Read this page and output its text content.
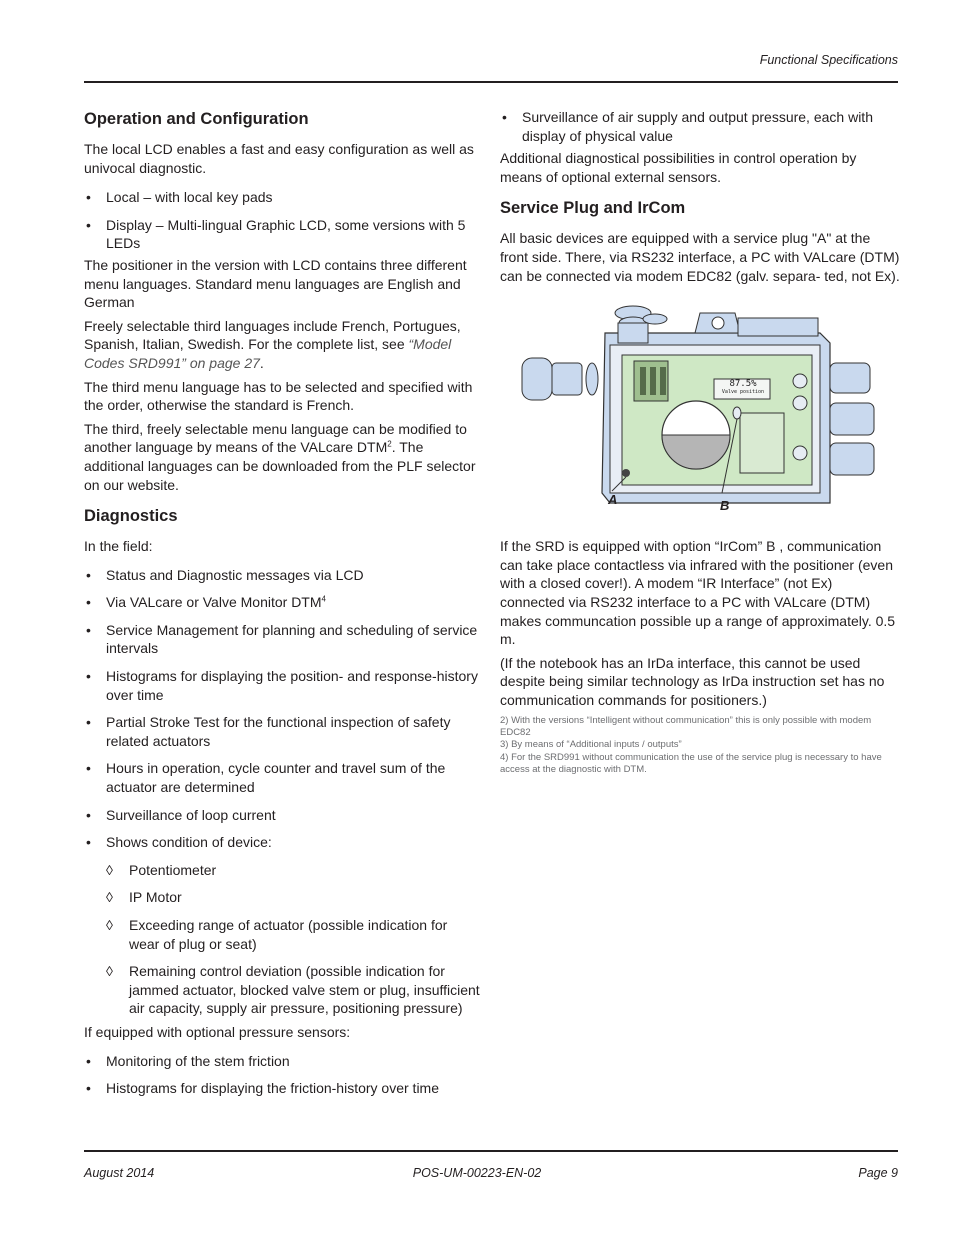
Functional Specifications
Operation and Configuration

The local LCD enables a fast and easy configuration as well as univocal diagnostic.

• Local – with local key pads
• Display – Multi-lingual Graphic LCD, some versions with 5 LEDs

The positioner in the version with LCD contains three different menu languages. Standard menu languages are English and German

Freely selectable third languages include French, Portugues, Spanish, Italian, Swedish. For the complete list, see “Model Codes SRD991” on page 27.

The third menu language has to be selected and specified with the order, otherwise the standard is French.

The third, freely selectable menu language can be modified to another language by means of the VALcare DTM$^2$. The additional languages can be downloaded from the PLF selector on our website.

Diagnostics

In the field:

• Status and Diagnostic messages via LCD
• Via VALcare or Valve Monitor DTM$^4$
• Service Management for planning and scheduling of service intervals
• Histograms for displaying the position- and response-history over time
• Partial Stroke Test for the functional inspection of safety related actuators
• Hours in operation, cycle counter and travel sum of the actuator are determined
• Surveillance of loop current
• Shows condition of device:
◊ Potentiometer
◊ IP Motor
◊ Exceeding range of actuator (possible indication for wear of plug or seat)
◊ Remaining control deviation (possible indication for jammed actuator, blocked valve stem or plug, insufficient air capacity, supply air pressure, positioning pressure)

If equipped with optional pressure sensors:

• Monitoring of the stem friction
• Histograms for displaying the friction-history over time
• Surveillance of air supply and output pressure, each with display of physical value

Additional diagnostical possibilities in control operation by means of optional external sensors.

Service Plug and IrCom

All basic devices are equipped with a service plug "A" at the front side. There, via RS232 interface, a PC with VALcare (DTM) can be connected via modem EDC82 (galv. separa- ted, not Ex).

87.5%
Valve position
A	B

If the SRD is equipped with option “IrCom” B , communication can take place contactless via infrared with the positioner (even with a closed cover!). A modem “IR Interface” (not Ex) connected via RS232 interface to a PC with VALcare (DTM) makes communcation possible up a range of approximately. 0.5 m.

(If the notebook has an IrDa interface, this cannot be used despite being similar technology as IrDa instruction set has no communication commands for positioners.)

2) With the versions “Intelligent without communication” this is only possible with modem EDC82
3) By means of “Additional inputs / outputs”
4) For the SRD991 without communication the use of the service plug is necessary to have access at the diagnostic with DTM.
August 2014	POS-UM-00223-EN-02	Page 9
